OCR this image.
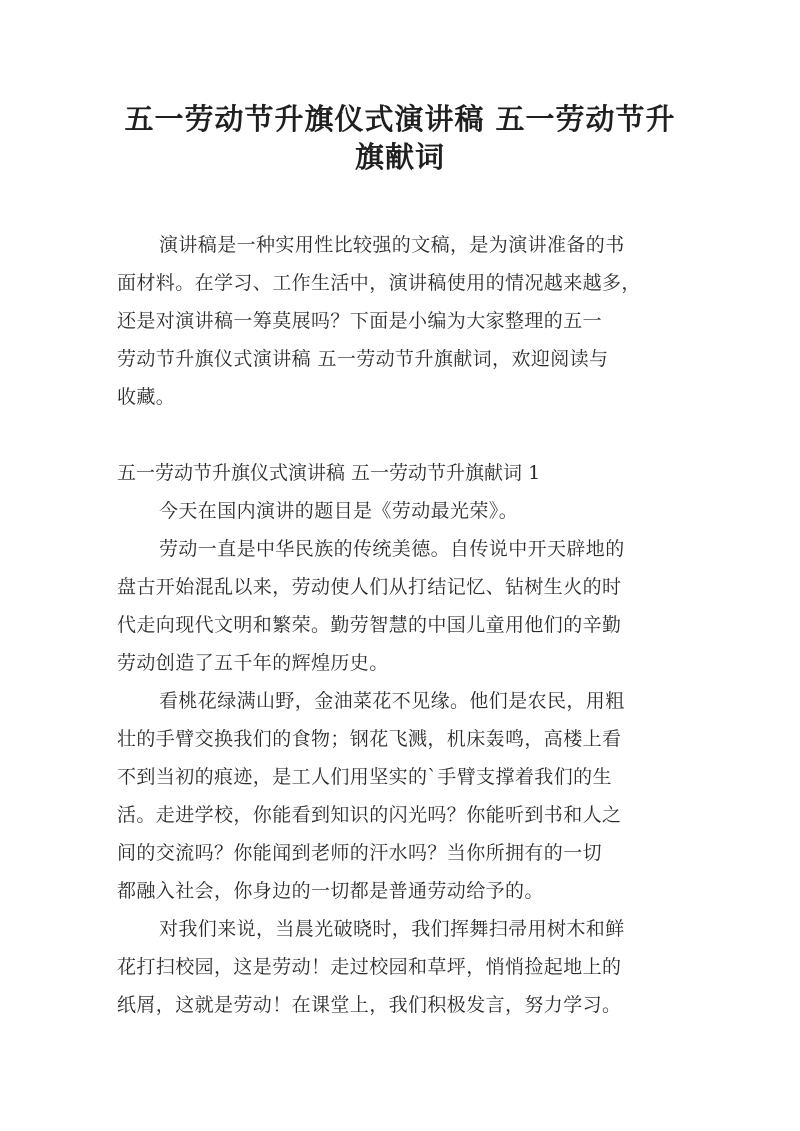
五一劳动节升旗仪式演讲稿 五一劳动节升
旗献词
演讲稿是一种实用性比较强的文稿，是为演讲准备的书
面材料。在学习、工作生活中，演讲稿使用的情况越来越多，
还是对演讲稿一筹莫展吗？下面是小编为大家整理的五一
劳动节升旗仪式演讲稿 五一劳动节升旗献词，欢迎阅读与
收藏。
五一劳动节升旗仪式演讲稿 五一劳动节升旗献词 1
今天在国内演讲的题目是《劳动最光荣》。
劳动一直是中华民族的传统美德。自传说中开天辟地的
盘古开始混乱以来，劳动使人们从打结记忆、钻树生火的时
代走向现代文明和繁荣。勤劳智慧的中国儿童用他们的辛勤
劳动创造了五千年的辉煌历史。
看桃花绿满山野，金油菜花不见缘。他们是农民，用粗
壮的手臂交换我们的食物；钢花飞溅，机床轰鸣，高楼上看
不到当初的痕迹，是工人们用坚实的`手臂支撑着我们的生
活。走进学校，你能看到知识的闪光吗？你能听到书和人之
间的交流吗？你能闻到老师的汗水吗？当你所拥有的一切
都融入社会，你身边的一切都是普通劳动给予的。
对我们来说，当晨光破晓时，我们挥舞扫帚用树木和鲜
花打扫校园，这是劳动！走过校园和草坪，悄悄捡起地上的
纸屑，这就是劳动！在课堂上，我们积极发言，努力学习。
